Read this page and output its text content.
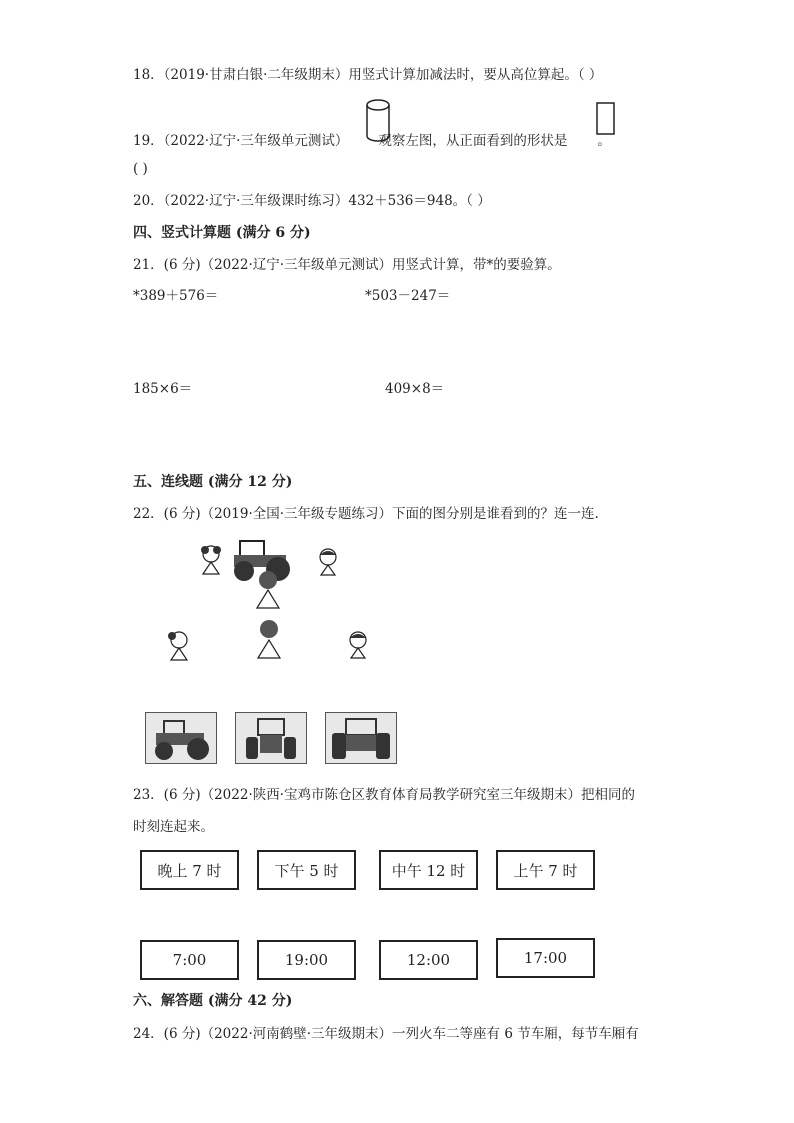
18．（2019·甘肃白银·二年级期末）用竖式计算加减法时，要从高位算起。（ ）
19．（2022·辽宁·三年级单元测试） 观察左图，从正面看到的形状是 。
( )
20．（2022·辽宁·三年级课时练习）432＋536＝948。（ ）
四、竖式计算题 (满分 6 分)
21．(6 分)（2022·辽宁·三年级单元测试）用竖式计算，带*的要验算。
*389＋576＝	*503－247＝
185×6＝	409×8＝
五、连线题 (满分 12 分)
22．(6 分)（2019·全国·三年级专题练习）下面的图分别是谁看到的？连一连.
23．(6 分)（2022·陕西·宝鸡市陈仓区教育体育局教学研究室三年级期末）把相同的
时刻连起来。
晚上 7 时	下午 5 时	中午 12 时	上午 7 时
7:00	19:00	12:00	17:00
六、解答题 (满分 42 分)
24．(6 分)（2022·河南鹤壁·三年级期末）一列火车二等座有 6 节车厢，每节车厢有
